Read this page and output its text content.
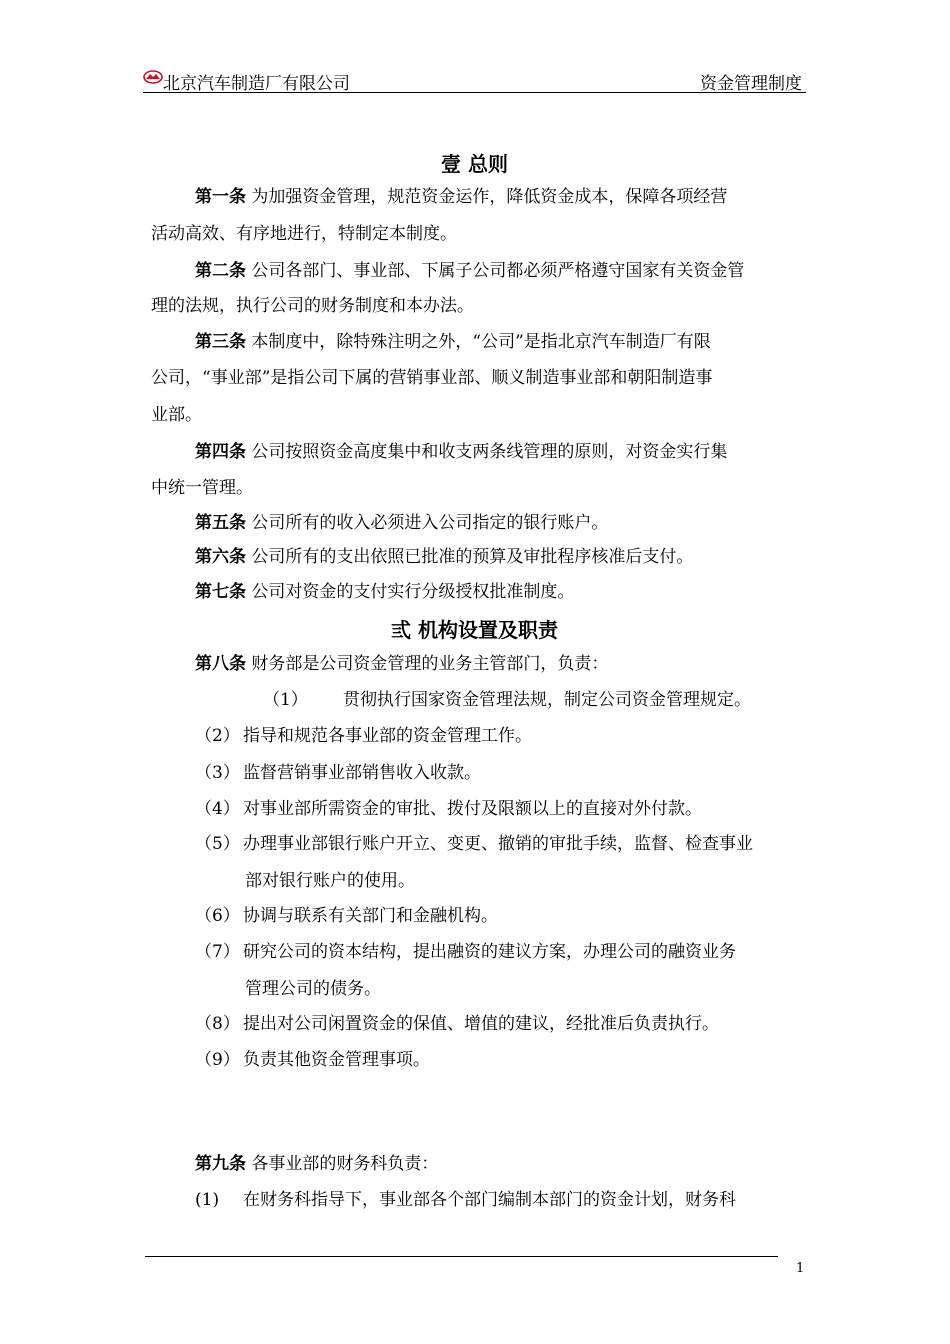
北京汽车制造厂有限公司	资金管理制度
壹 总则
第一条 为加强资金管理，规范资金运作，降低资金成本，保障各项经营
活动高效、有序地进行，特制定本制度。
第二条 公司各部门、事业部、下属子公司都必须严格遵守国家有关资金管
理的法规，执行公司的财务制度和本办法。
第三条 本制度中，除特殊注明之外，“公司”是指北京汽车制造厂有限
公司，“事业部”是指公司下属的营销事业部、顺义制造事业部和朝阳制造事
业部。
第四条 公司按照资金高度集中和收支两条线管理的原则，对资金实行集
中统一管理。
第五条 公司所有的收入必须进入公司指定的银行账户。
第六条 公司所有的支出依照已批准的预算及审批程序核准后支付。
第七条 公司对资金的支付实行分级授权批准制度。
弎 机构设置及职责
第八条 财务部是公司资金管理的业务主管部门，负责：
（1） 贯彻执行国家资金管理法规，制定公司资金管理规定。
（2） 指导和规范各事业部的资金管理工作。
（3） 监督营销事业部销售收入收款。
（4） 对事业部所需资金的审批、拨付及限额以上的直接对外付款。
（5） 办理事业部银行账户开立、变更、撤销的审批手续，监督、检查事业
部对银行账户的使用。
（6） 协调与联系有关部门和金融机构。
（7） 研究公司的资本结构，提出融资的建议方案，办理公司的融资业务
管理公司的债务。
（8） 提出对公司闲置资金的保值、增值的建议，经批准后负责执行。
（9） 负责其他资金管理事项。
第九条 各事业部的财务科负责：
(1) 在财务科指导下，事业部各个部门编制本部门的资金计划，财务科
1
